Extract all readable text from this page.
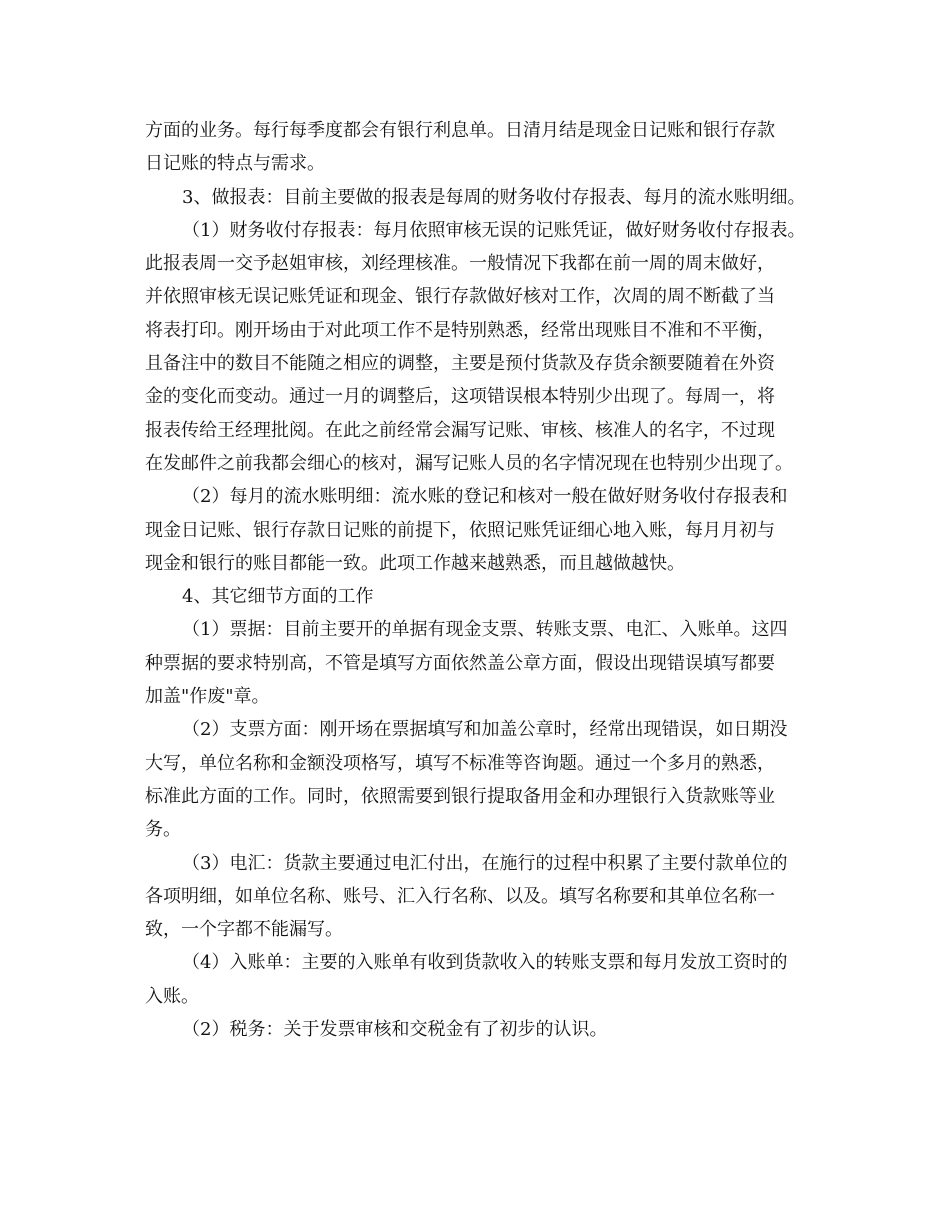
方面的业务。每行每季度都会有银行利息单。日清月结是现金日记账和银行存款
日记账的特点与需求。
3、做报表：目前主要做的报表是每周的财务收付存报表、每月的流水账明细。
（1）财务收付存报表：每月依照审核无误的记账凭证，做好财务收付存报表。
此报表周一交予赵姐审核，刘经理核准。一般情况下我都在前一周的周末做好，
并依照审核无误记账凭证和现金、银行存款做好核对工作，次周的周不断截了当
将表打印。刚开场由于对此项工作不是特别熟悉，经常出现账目不准和不平衡，
且备注中的数目不能随之相应的调整，主要是预付货款及存货余额要随着在外资
金的变化而变动。通过一月的调整后，这项错误根本特别少出现了。每周一，将
报表传给王经理批阅。在此之前经常会漏写记账、审核、核准人的名字，不过现
在发邮件之前我都会细心的核对，漏写记账人员的名字情况现在也特别少出现了。
（2）每月的流水账明细：流水账的登记和核对一般在做好财务收付存报表和
现金日记账、银行存款日记账的前提下，依照记账凭证细心地入账，每月月初与
现金和银行的账目都能一致。此项工作越来越熟悉，而且越做越快。
4、其它细节方面的工作
（1）票据：目前主要开的单据有现金支票、转账支票、电汇、入账单。这四
种票据的要求特别高，不管是填写方面依然盖公章方面，假设出现错误填写都要
加盖"作废"章。
（2）支票方面：刚开场在票据填写和加盖公章时，经常出现错误，如日期没
大写，单位名称和金额没项格写，填写不标准等咨询题。通过一个多月的熟悉，
标准此方面的工作。同时，依照需要到银行提取备用金和办理银行入货款账等业
务。
（3）电汇：货款主要通过电汇付出，在施行的过程中积累了主要付款单位的
各项明细，如单位名称、账号、汇入行名称、以及。填写名称要和其单位名称一
致，一个字都不能漏写。
（4）入账单：主要的入账单有收到货款收入的转账支票和每月发放工资时的
入账。
（2）税务：关于发票审核和交税金有了初步的认识。
